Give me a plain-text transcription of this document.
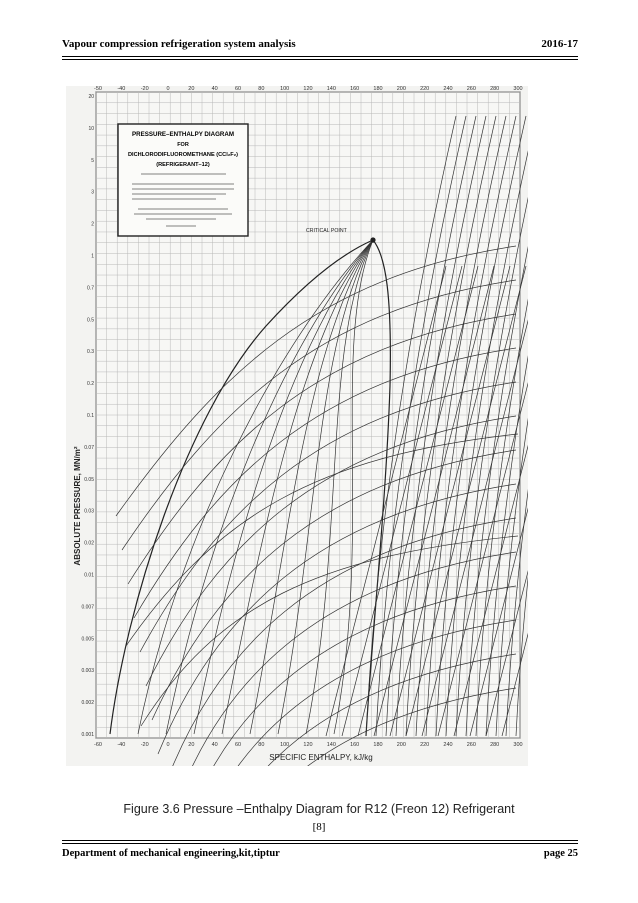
Vapour compression refrigeration system analysis	2016-17
-50	-40	-20	0	20	40	60	80	100	120	140	160	180	200	220	240	260	280	300
-60	-40	-20	0	20	40	60	80	100	120	140	160	180	200	220	240	260	280	300
20
10
5
3
2
1
0.7
0.5
0.3
0.2
0.1
0.07
0.05
0.03
0.02
0.01
0.007
0.005
0.003
0.002
0.001
PRESSURE–ENTHALPY DIAGRAM
FOR
DICHLORODIFLUOROMETHANE (CCl₂F₂)
(REFRIGERANT–12)
CRITICAL POINT
SPECIFIC ENTHALPY, kJ/kg
ABSOLUTE PRESSURE, MN/m²
Figure 3.6 Pressure –Enthalpy Diagram for R12 (Freon 12) Refrigerant
[8]
Department of mechanical engineering,kit,tiptur	page 25
